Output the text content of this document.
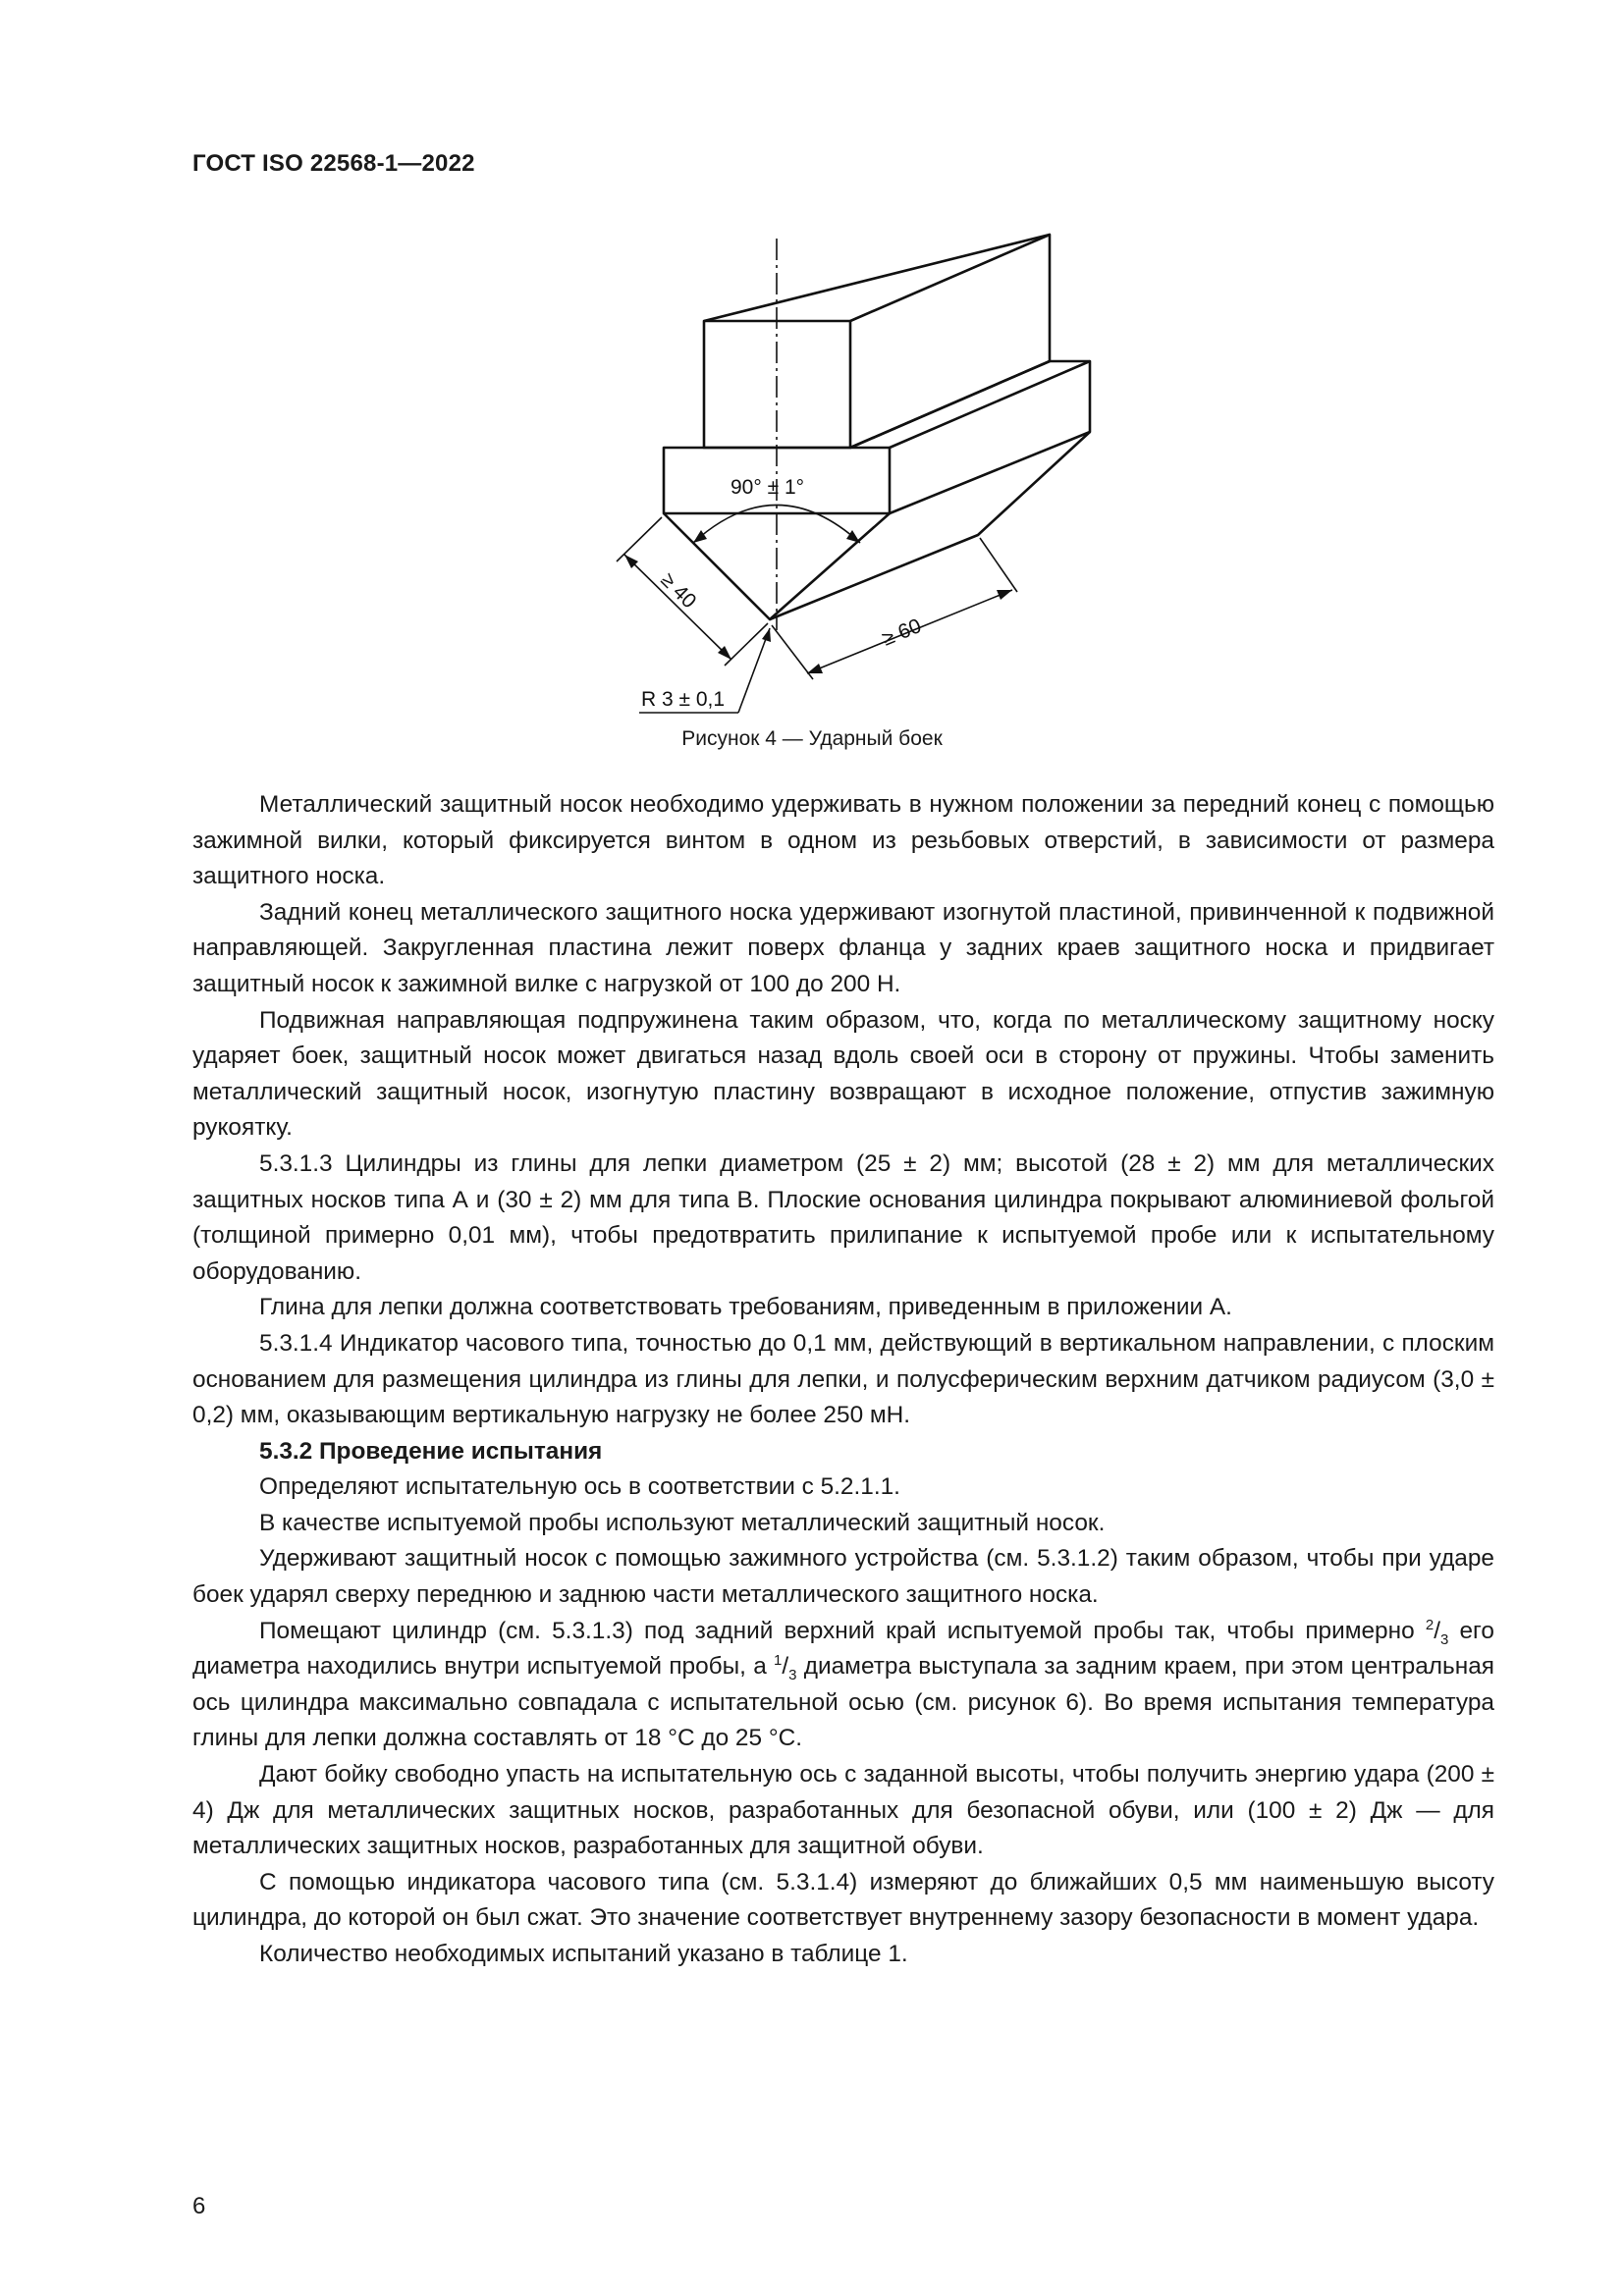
ГОСТ ISO 22568-1—2022
90° ± 1°
≥ 40
≥ 60
R 3 ± 0,1
Рисунок 4 — Ударный боек

Металлический защитный носок необходимо удерживать в нужном положении за передний конец с помощью зажимной вилки, который фиксируется винтом в одном из резьбовых отверстий, в зависимости от размера защитного носка.

Задний конец металлического защитного носка удерживают изогнутой пластиной, привинченной к подвижной направляющей. Закругленная пластина лежит поверх фланца у задних краев защитного носка и придвигает защитный носок к зажимной вилке с нагрузкой от 100 до 200 Н.

Подвижная направляющая подпружинена таким образом, что, когда по металлическому защитному носку ударяет боек, защитный носок может двигаться назад вдоль своей оси в сторону от пружины. Чтобы заменить металлический защитный носок, изогнутую пластину возвращают в исходное положение, отпустив зажимную рукоятку.

5.3.1.3 Цилиндры из глины для лепки диаметром (25 ± 2) мм; высотой (28 ± 2) мм для металлических защитных носков типа А и (30 ± 2) мм для типа В. Плоские основания цилиндра покрывают алюминиевой фольгой (толщиной примерно 0,01 мм), чтобы предотвратить прилипание к испытуемой пробе или к испытательному оборудованию.

Глина для лепки должна соответствовать требованиям, приведенным в приложении А.

5.3.1.4 Индикатор часового типа, точностью до 0,1 мм, действующий в вертикальном направлении, с плоским основанием для размещения цилиндра из глины для лепки, и полусферическим верхним датчиком радиусом (3,0 ± 0,2) мм, оказывающим вертикальную нагрузку не более 250 мН.

5.3.2 Проведение испытания

Определяют испытательную ось в соответствии с 5.2.1.1.

В качестве испытуемой пробы используют металлический защитный носок.

Удерживают защитный носок с помощью зажимного устройства (см. 5.3.1.2) таким образом, чтобы при ударе боек ударял сверху переднюю и заднюю части металлического защитного носка.

Помещают цилиндр (см. 5.3.1.3) под задний верхний край испытуемой пробы так, чтобы примерно $^2/_3$ его диаметра находились внутри испытуемой пробы, а $^1/_3$ диаметра выступала за задним краем, при этом центральная ось цилиндра максимально совпадала с испытательной осью (см. рисунок 6). Во время испытания температура глины для лепки должна составлять от 18 °С до 25 °С.

Дают бойку свободно упасть на испытательную ось с заданной высоты, чтобы получить энергию удара (200 ± 4) Дж для металлических защитных носков, разработанных для безопасной обуви, или (100 ± 2) Дж — для металлических защитных носков, разработанных для защитной обуви.

С помощью индикатора часового типа (см. 5.3.1.4) измеряют до ближайших 0,5 мм наименьшую высоту цилиндра, до которой он был сжат. Это значение соответствует внутреннему зазору безопасности в момент удара.

Количество необходимых испытаний указано в таблице 1.

6
